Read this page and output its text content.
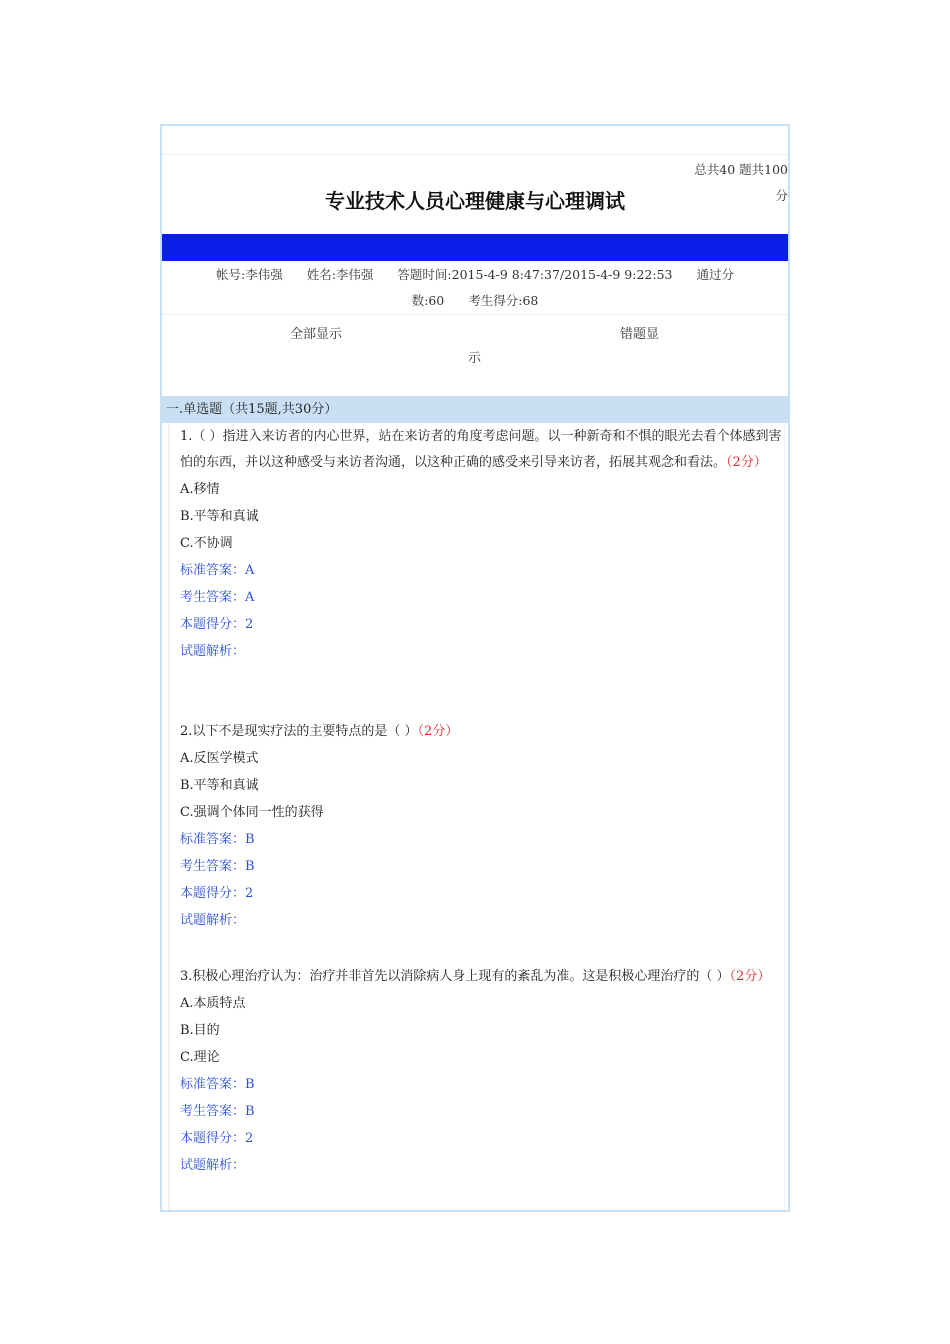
专业技术人员心理健康与心理调试
总共40 题共100
分
帐号:李伟强 姓名:李伟强 答题时间:2015-4-9 8:47:37/2015-4-9 9:22:53 通过分
数:60 考生得分:68
全部显示	错题显
示
一.单选题（共15题,共30分）

1.（ ）指进入来访者的内心世界，站在来访者的角度考虑问题。以一种新奇和不惧的眼光去看个体感到害怕的东西，并以这种感受与来访者沟通，以这种正确的感受来引导来访者，拓展其观念和看法。（2分）

A.移情

B.平等和真诚

C.不协调

标准答案：A

考生答案：A

本题得分：2

试题解析：

2.以下不是现实疗法的主要特点的是（ ）（2分）

A.反医学模式

B.平等和真诚

C.强调个体同一性的获得

标准答案：B

考生答案：B

本题得分：2

试题解析：

3.积极心理治疗认为：治疗并非首先以消除病人身上现有的紊乱为准。这是积极心理治疗的（ ）（2分）

A.本质特点

B.目的

C.理论

标准答案：B

考生答案：B

本题得分：2

试题解析：
